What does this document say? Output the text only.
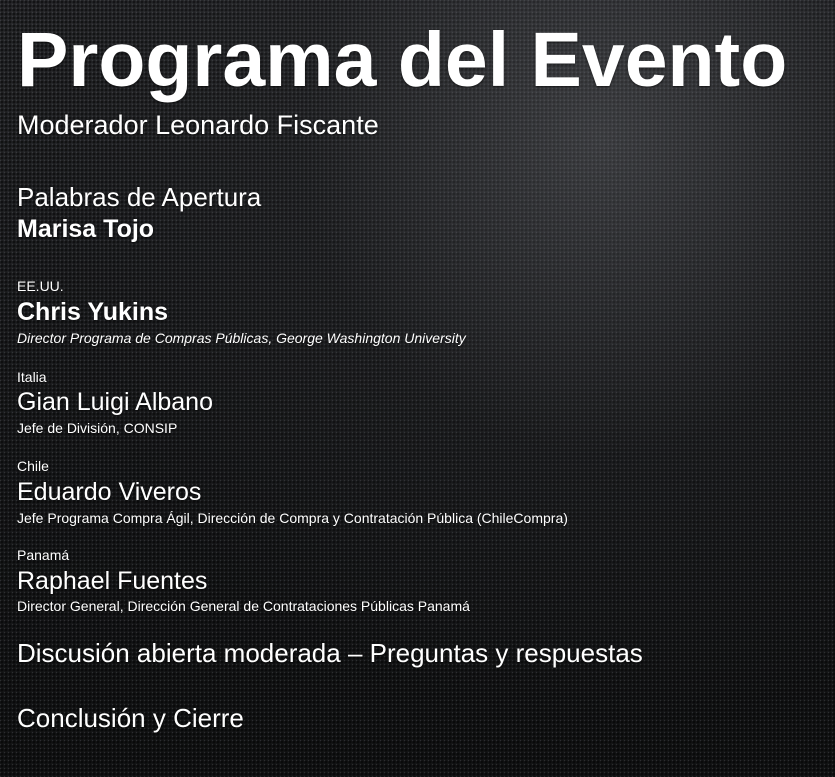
Programa del Evento
Moderador Leonardo Fiscante
Palabras de Apertura
Marisa Tojo
EE.UU.
Chris Yukins
Director Programa de Compras Públicas, George Washington University
Italia
Gian Luigi Albano
Jefe de División, CONSIP
Chile
Eduardo Viveros
Jefe Programa Compra Ágil, Dirección de Compra y Contratación Pública (ChileCompra)
Panamá
Raphael Fuentes
Director General, Dirección General de Contrataciones Públicas Panamá
Discusión abierta moderada – Preguntas y respuestas
Conclusión y Cierre
